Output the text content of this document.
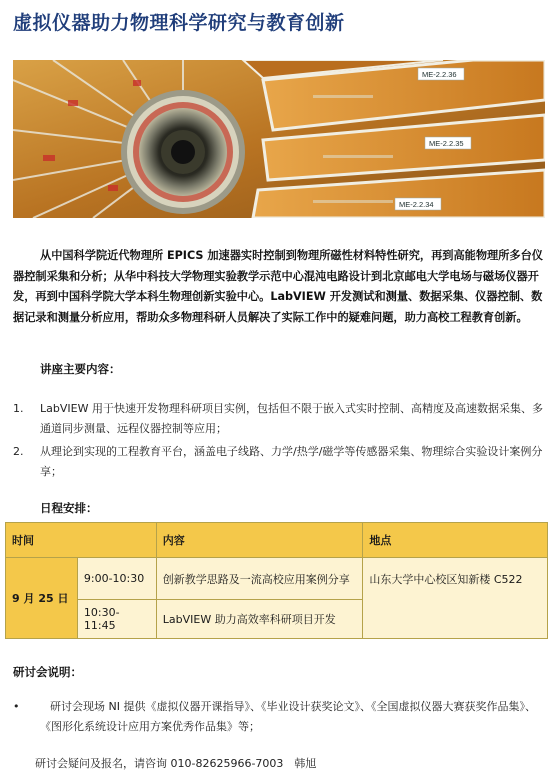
虚拟仪器助力物理科学研究与教育创新
ME-2.2.36
ME-2.2.35
ME-2.2.34

从中国科学院近代物理所 EPICS 加速器实时控制到物理所磁性材料特性研究，再到高能物理所多台仪器控制采集和分析；从华中科技大学物理实验教学示范中心混沌电路设计到北京邮电大学电场与磁场仪器开发，再到中国科学院大学本科生物理创新实验中心。LabVIEW 开发测试和测量、数据采集、仪器控制、数据记录和测量分析应用，帮助众多物理科研人员解决了实际工作中的疑难问题，助力高校工程教育创新。

讲座主要内容：
1. LabVIEW 用于快速开发物理科研项目实例，包括但不限于嵌入式实时控制、高精度及高速数据采集、多通道同步测量、远程仪器控制等应用；
2. 从理论到实现的工程教育平台，涵盖电子线路、力学/热学/磁学等传感器采集、物理综合实验设计案例分享；
日程安排：
时间		内容	地点
9 月 25 日	9:00-10:30	创新教学思路及一流高校应用案例分享	山东大学中心校区知新楼 C522
	10:30-11:45	LabVIEW 助力高效率科研项目开发	
研讨会说明：
•	研讨会现场 NI 提供《虚拟仪器开课指导》、《毕业设计获奖论文》、《全国虚拟仪器大赛获奖作品集》、《图形化系统设计应用方案优秀作品集》等；
研讨会疑问及报名，请咨询 010-82625966-7003　韩旭
